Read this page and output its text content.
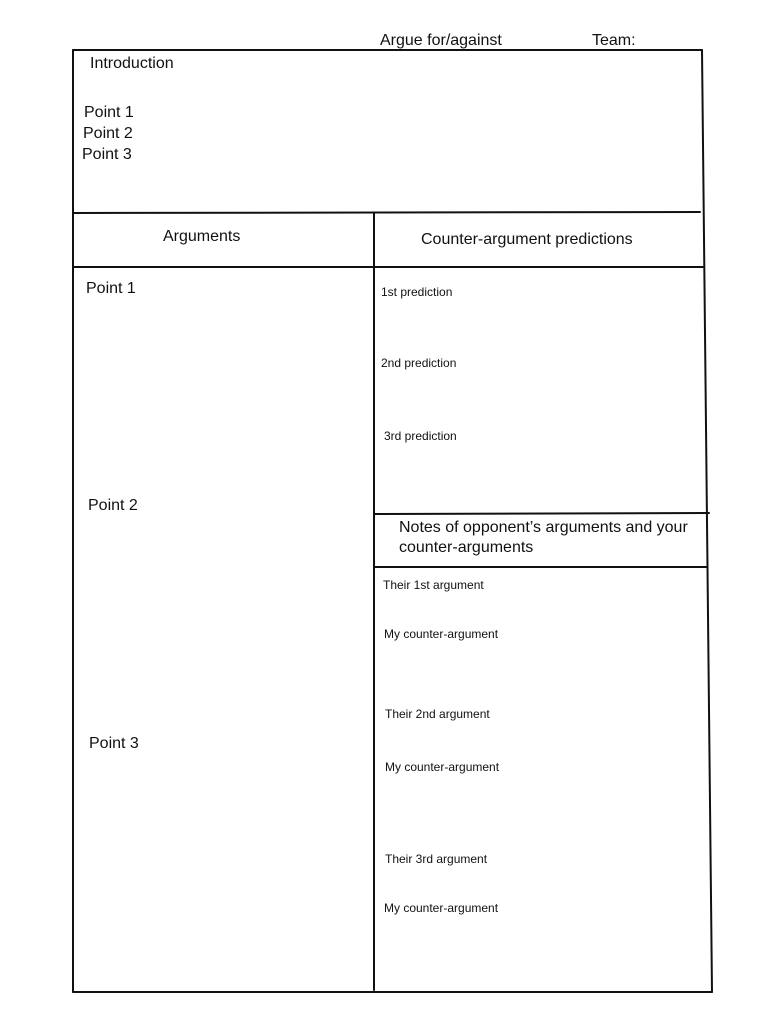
Argue for/against	Team:
Introduction
Point 1
Point 2
Point 3
Arguments	Counter-argument predictions
Point 1
Point 2
Point 3
1st prediction
2nd prediction
3rd prediction
Notes of opponent’s arguments and your counter-arguments
Their 1st argument
My counter-argument
Their 2nd argument
My counter-argument
Their 3rd argument
My counter-argument
